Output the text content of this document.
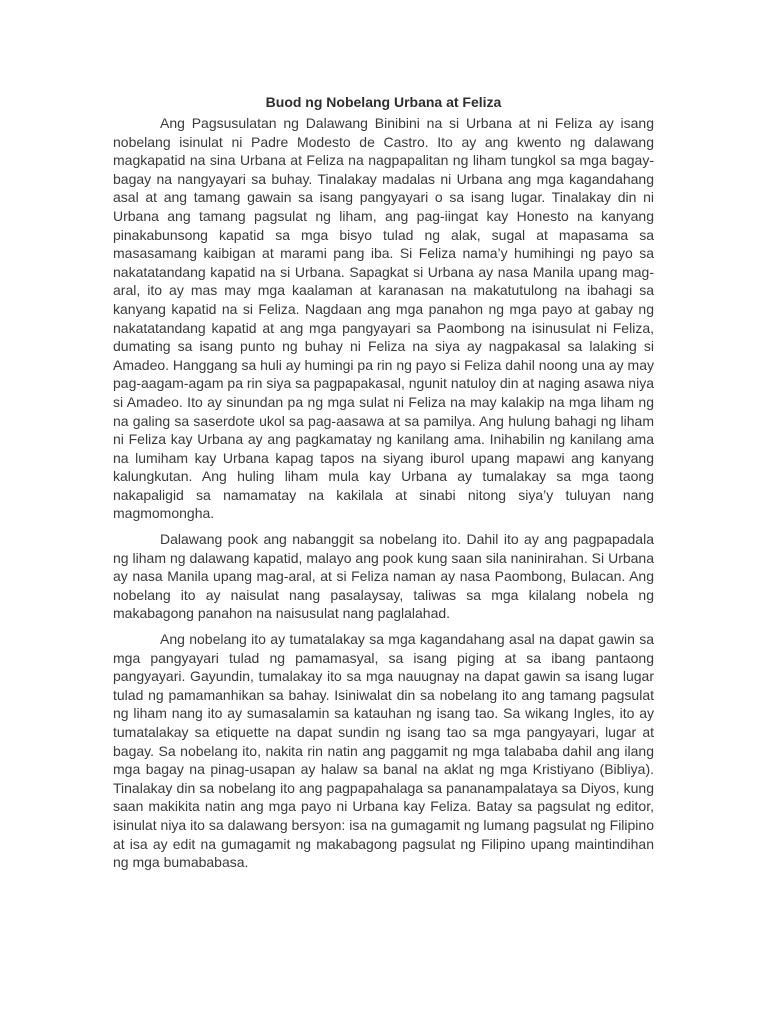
Buod ng Nobelang Urbana at Feliza

Ang Pagsusulatan ng Dalawang Binibini na si Urbana at ni Feliza ay isang nobelang isinulat ni Padre Modesto de Castro. Ito ay ang kwento ng dalawang magkapatid na sina Urbana at Feliza na nagpapalitan ng liham tungkol sa mga bagay-bagay na nangyayari sa buhay. Tinalakay madalas ni Urbana ang mga kagandahang asal at ang tamang gawain sa isang pangyayari o sa isang lugar. Tinalakay din ni Urbana ang tamang pagsulat ng liham, ang pag-iingat kay Honesto na kanyang pinakabunsong kapatid sa mga bisyo tulad ng alak, sugal at mapasama sa masasamang kaibigan at marami pang iba. Si Feliza nama’y humihingi ng payo sa nakatatandang kapatid na si Urbana. Sapagkat si Urbana ay nasa Manila upang mag-aral, ito ay mas may mga kaalaman at karanasan na makatutulong na ibahagi sa kanyang kapatid na si Feliza. Nagdaan ang mga panahon ng mga payo at gabay ng nakatatandang kapatid at ang mga pangyayari sa Paombong na isinusulat ni Feliza, dumating sa isang punto ng buhay ni Feliza na siya ay nagpakasal sa lalaking si Amadeo. Hanggang sa huli ay humingi pa rin ng payo si Feliza dahil noong una ay may pag-aagam-agam pa rin siya sa pagpapakasal, ngunit natuloy din at naging asawa niya si Amadeo. Ito ay sinundan pa ng mga sulat ni Feliza na may kalakip na mga liham ng na galing sa saserdote ukol sa pag-aasawa at sa pamilya. Ang hulung bahagi ng liham ni Feliza kay Urbana ay ang pagkamatay ng kanilang ama. Inihabilin ng kanilang ama na lumiham kay Urbana kapag tapos na siyang iburol upang mapawi ang kanyang kalungkutan. Ang huling liham mula kay Urbana ay tumalakay sa mga taong nakapaligid sa namamatay na kakilala at sinabi nitong siya’y tuluyan nang magmomongha.

Dalawang pook ang nabanggit sa nobelang ito. Dahil ito ay ang pagpapadala ng liham ng dalawang kapatid, malayo ang pook kung saan sila naninirahan. Si Urbana ay nasa Manila upang mag-aral, at si Feliza naman ay nasa Paombong, Bulacan. Ang nobelang ito ay naisulat nang pasalaysay, taliwas sa mga kilalang nobela ng makabagong panahon na naisusulat nang paglalahad.

Ang nobelang ito ay tumatalakay sa mga kagandahang asal na dapat gawin sa mga pangyayari tulad ng pamamasyal, sa isang piging at sa ibang pantaong pangyayari. Gayundin, tumalakay ito sa mga nauugnay na dapat gawin sa isang lugar tulad ng pamamanhikan sa bahay. Isiniwalat din sa nobelang ito ang tamang pagsulat ng liham nang ito ay sumasalamin sa katauhan ng isang tao. Sa wikang Ingles, ito ay tumatalakay sa etiquette na dapat sundin ng isang tao sa mga pangyayari, lugar at bagay. Sa nobelang ito, nakita rin natin ang paggamit ng mga talababa dahil ang ilang mga bagay na pinag-usapan ay halaw sa banal na aklat ng mga Kristiyano (Bibliya). Tinalakay din sa nobelang ito ang pagpapahalaga sa pananampalataya sa Diyos, kung saan makikita natin ang mga payo ni Urbana kay Feliza. Batay sa pagsulat ng editor, isinulat niya ito sa dalawang bersyon: isa na gumagamit ng lumang pagsulat ng Filipino at isa ay edit na gumagamit ng makabagong pagsulat ng Filipino upang maintindihan ng mga bumababasa.
